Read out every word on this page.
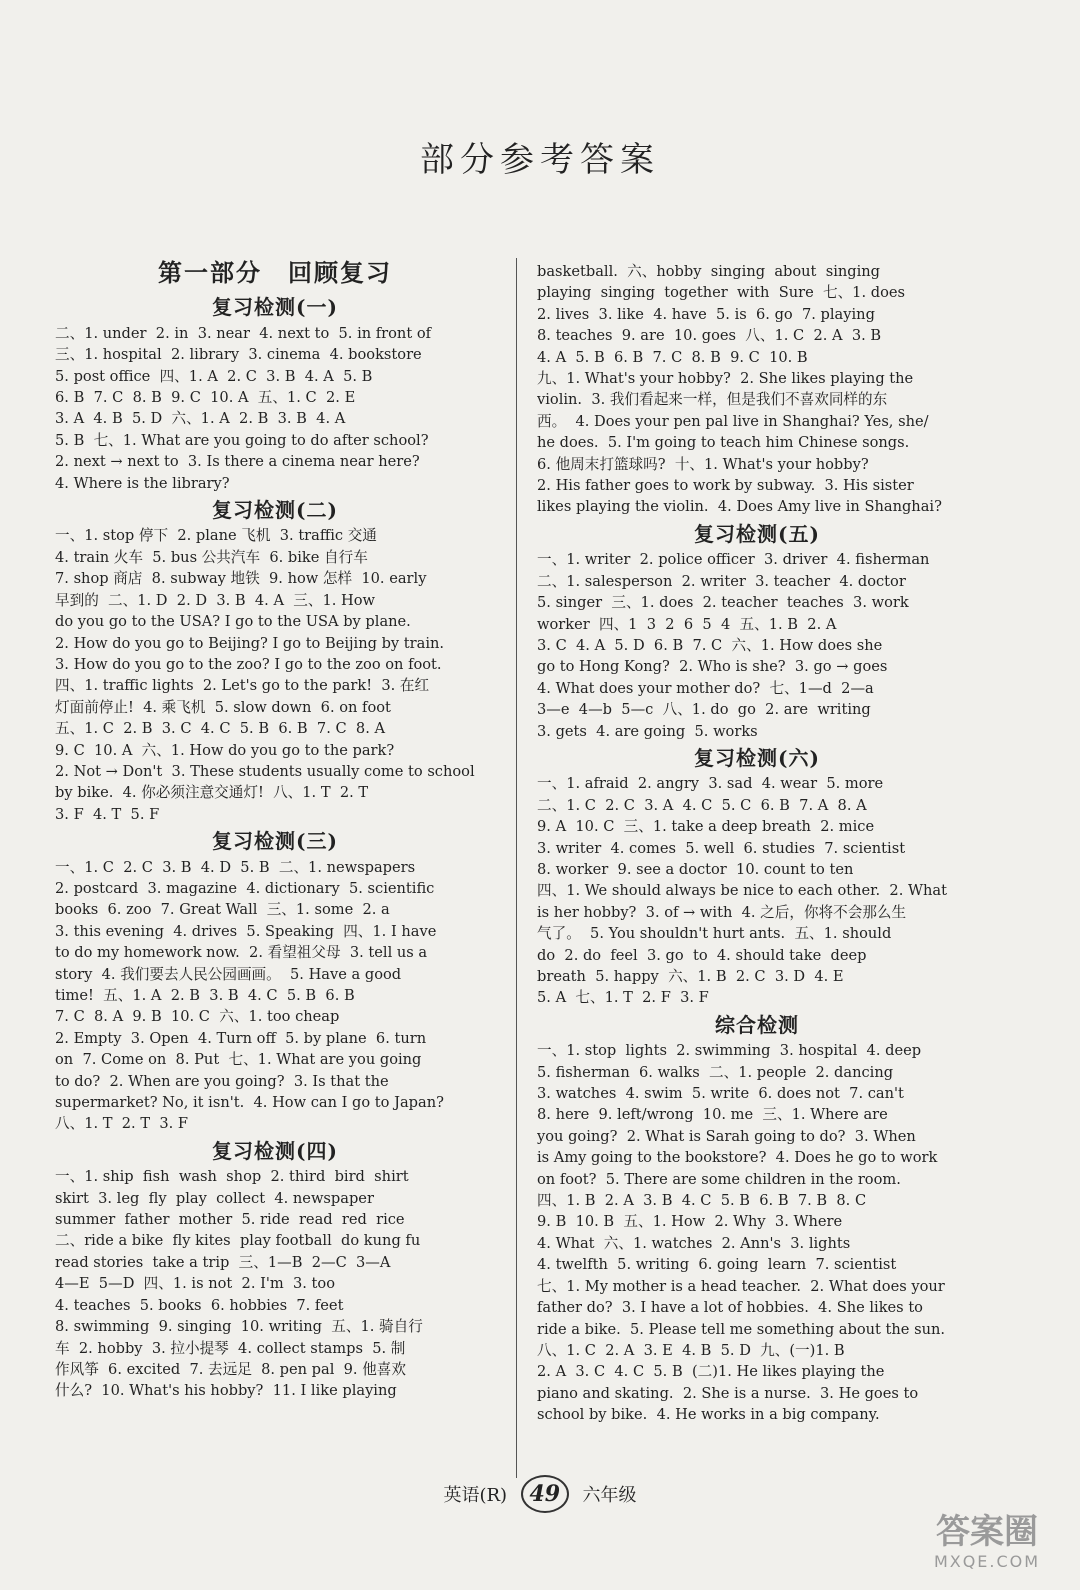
部分参考答案
第一部分　回顾复习
复习检测(一)
二、1. under  2. in  3. near  4. next to  5. in front of
三、1. hospital  2. library  3. cinema  4. bookstore
5. post office  四、1. A  2. C  3. B  4. A  5. B
6. B  7. C  8. B  9. C  10. A  五、1. C  2. E
3. A  4. B  5. D  六、1. A  2. B  3. B  4. A
5. B  七、1. What are you going to do after school?
2. next → next to  3. Is there a cinema near here?
4. Where is the library?
复习检测(二)
一、1. stop 停下  2. plane 飞机  3. traffic 交通
4. train 火车  5. bus 公共汽车  6. bike 自行车
7. shop 商店  8. subway 地铁  9. how 怎样  10. early
早到的  二、1. D  2. D  3. B  4. A  三、1. How
do you go to the USA? I go to the USA by plane.
2. How do you go to Beijing? I go to Beijing by train.
3. How do you go to the zoo? I go to the zoo on foot.
四、1. traffic lights  2. Let's go to the park!  3. 在红
灯面前停止!  4. 乘飞机  5. slow down  6. on foot
五、1. C  2. B  3. C  4. C  5. B  6. B  7. C  8. A
9. C  10. A  六、1. How do you go to the park?
2. Not → Don't  3. These students usually come to school
by bike.  4. 你必须注意交通灯!  八、1. T  2. T
3. F  4. T  5. F
复习检测(三)
一、1. C  2. C  3. B  4. D  5. B  二、1. newspapers
2. postcard  3. magazine  4. dictionary  5. scientific
books  6. zoo  7. Great Wall  三、1. some  2. a
3. this evening  4. drives  5. Speaking  四、1. I have
to do my homework now.  2. 看望祖父母  3. tell us a
story  4. 我们要去人民公园画画。  5. Have a good
time!  五、1. A  2. B  3. B  4. C  5. B  6. B
7. C  8. A  9. B  10. C  六、1. too cheap
2. Empty  3. Open  4. Turn off  5. by plane  6. turn
on  7. Come on  8. Put  七、1. What are you going
to do?  2. When are you going?  3. Is that the
supermarket? No, it isn't.  4. How can I go to Japan?
八、1. T  2. T  3. F
复习检测(四)
一、1. ship  fish  wash  shop  2. third  bird  shirt
skirt  3. leg  fly  play  collect  4. newspaper
summer  father  mother  5. ride  read  red  rice
二、ride a bike  fly kites  play football  do kung fu
read stories  take a trip  三、1—B  2—C  3—A
4—E  5—D  四、1. is not  2. I'm  3. too
4. teaches  5. books  6. hobbies  7. feet
8. swimming  9. singing  10. writing  五、1. 骑自行
车  2. hobby  3. 拉小提琴  4. collect stamps  5. 制
作风筝  6. excited  7. 去远足  8. pen pal  9. 他喜欢
什么?  10. What's his hobby?  11. I like playing
basketball.  六、hobby  singing  about  singing
playing  singing  together  with  Sure  七、1. does
2. lives  3. like  4. have  5. is  6. go  7. playing
8. teaches  9. are  10. goes  八、1. C  2. A  3. B
4. A  5. B  6. B  7. C  8. B  9. C  10. B
九、1. What's your hobby?  2. She likes playing the
violin.  3. 我们看起来一样，但是我们不喜欢同样的东
西。  4. Does your pen pal live in Shanghai? Yes, she/
he does.  5. I'm going to teach him Chinese songs.
6. 他周末打篮球吗?  十、1. What's your hobby?
2. His father goes to work by subway.  3. His sister
likes playing the violin.  4. Does Amy live in Shanghai?
复习检测(五)
一、1. writer  2. police officer  3. driver  4. fisherman
二、1. salesperson  2. writer  3. teacher  4. doctor
5. singer  三、1. does  2. teacher  teaches  3. work
worker  四、1  3  2  6  5  4  五、1. B  2. A
3. C  4. A  5. D  6. B  7. C  六、1. How does she
go to Hong Kong?  2. Who is she?  3. go → goes
4. What does your mother do?  七、1—d  2—a
3—e  4—b  5—c  八、1. do  go  2. are  writing
3. gets  4. are going  5. works
复习检测(六)
一、1. afraid  2. angry  3. sad  4. wear  5. more
二、1. C  2. C  3. A  4. C  5. C  6. B  7. A  8. A
9. A  10. C  三、1. take a deep breath  2. mice
3. writer  4. comes  5. well  6. studies  7. scientist
8. worker  9. see a doctor  10. count to ten
四、1. We should always be nice to each other.  2. What
is her hobby?  3. of → with  4. 之后，你将不会那么生
气了。  5. You shouldn't hurt ants.  五、1. should
do  2. do  feel  3. go  to  4. should take  deep
breath  5. happy  六、1. B  2. C  3. D  4. E
5. A  七、1. T  2. F  3. F
综合检测
一、1. stop  lights  2. swimming  3. hospital  4. deep
5. fisherman  6. walks  二、1. people  2. dancing
3. watches  4. swim  5. write  6. does not  7. can't
8. here  9. left/wrong  10. me  三、1. Where are
you going?  2. What is Sarah going to do?  3. When
is Amy going to the bookstore?  4. Does he go to work
on foot?  5. There are some children in the room.
四、1. B  2. A  3. B  4. C  5. B  6. B  7. B  8. C
9. B  10. B  五、1. How  2. Why  3. Where
4. What  六、1. watches  2. Ann's  3. lights
4. twelfth  5. writing  6. going  learn  7. scientist
七、1. My mother is a head teacher.  2. What does your
father do?  3. I have a lot of hobbies.  4. She likes to
ride a bike.  5. Please tell me something about the sun.
八、1. C  2. A  3. E  4. B  5. D  九、(一)1. B
2. A  3. C  4. C  5. B  (二)1. He likes playing the
piano and skating.  2. She is a nurse.  3. He goes to
school by bike.  4. He works in a big company.
英语(R) 49 六年级
答案圈
MXQE.COM
